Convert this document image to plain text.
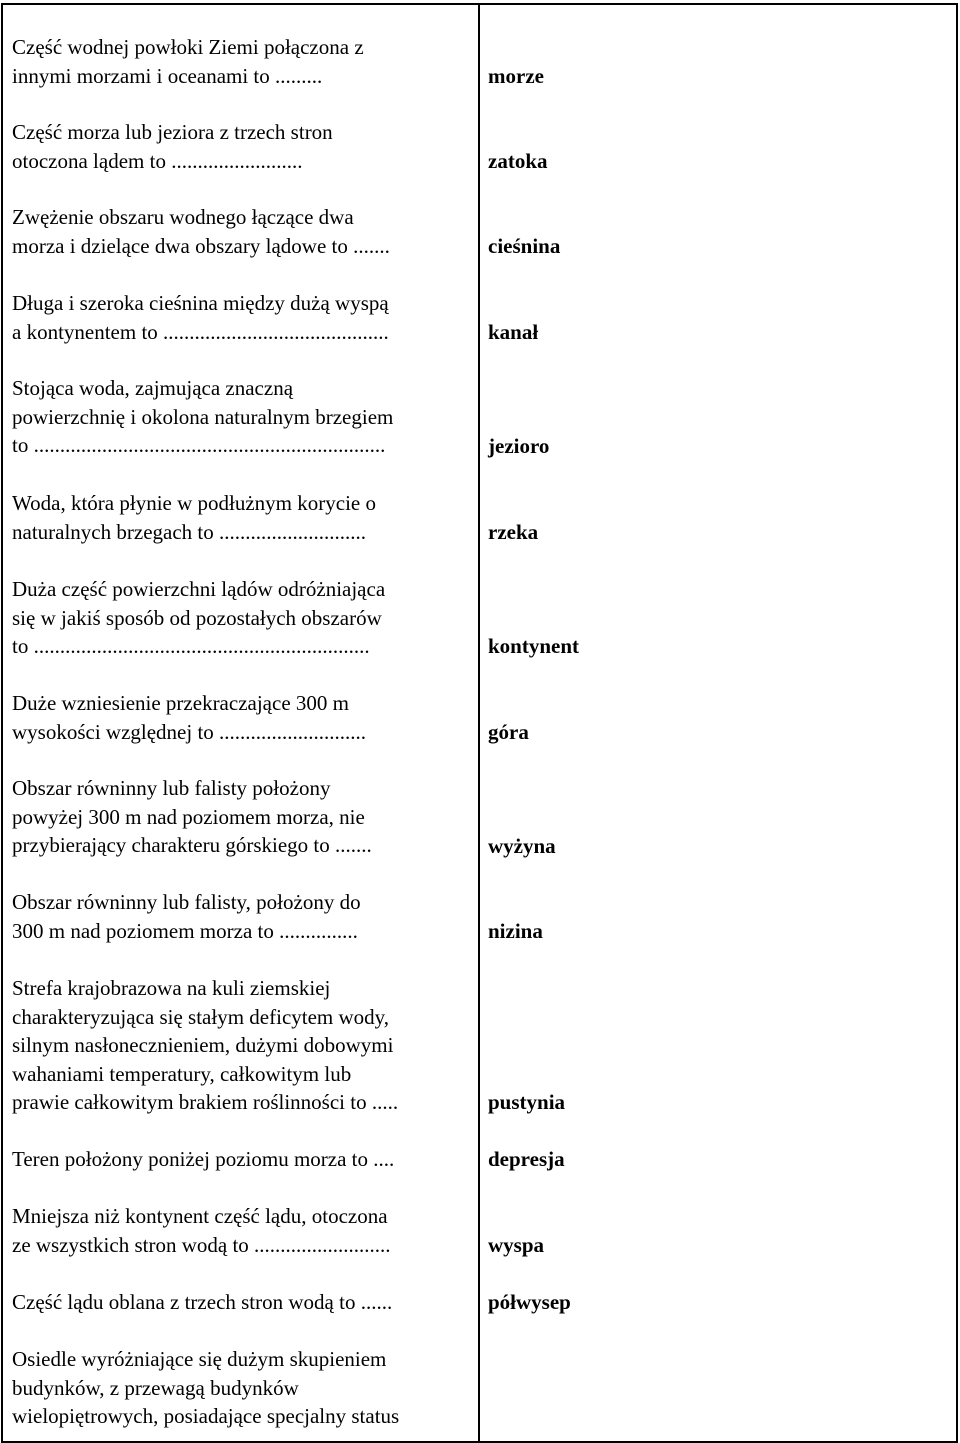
Część wodnej powłoki Ziemi połączona z
innymi morzami i oceanami to .........	morze
Część morza lub jeziora z trzech stron
otoczona lądem to .........................	zatoka
Zwężenie obszaru wodnego łączące dwa
morza i dzielące dwa obszary lądowe to .......	cieśnina
Długa i szeroka cieśnina między dużą wyspą
a kontynentem to ...........................................	kanał
Stojąca woda, zajmująca znaczną
powierzchnię i okolona naturalnym brzegiem
to ...................................................................	jezioro
Woda, która płynie w podłużnym korycie o
naturalnych brzegach to ............................	rzeka
Duża część powierzchni lądów odróżniająca
się w jakiś sposób od pozostałych obszarów
to ................................................................	kontynent
Duże wzniesienie przekraczające 300 m
wysokości względnej to ............................	góra
Obszar równinny lub falisty położony
powyżej 300 m nad poziomem morza, nie
przybierający charakteru górskiego to .......	wyżyna
Obszar równinny lub falisty, położony do
300 m nad poziomem morza to ...............	nizina
Strefa krajobrazowa na kuli ziemskiej
charakteryzująca się stałym deficytem wody,
silnym nasłonecznieniem, dużymi dobowymi
wahaniami temperatury, całkowitym lub
prawie całkowitym brakiem roślinności to .....	pustynia
Teren położony poniżej poziomu morza to ....	depresja
Mniejsza niż kontynent część lądu, otoczona
ze wszystkich stron wodą to ..........................	wyspa
Część lądu oblana z trzech stron wodą to ......	półwysep
Osiedle wyróżniające się dużym skupieniem
budynków, z przewagą budynków
wielopiętrowych, posiadające specjalny status
